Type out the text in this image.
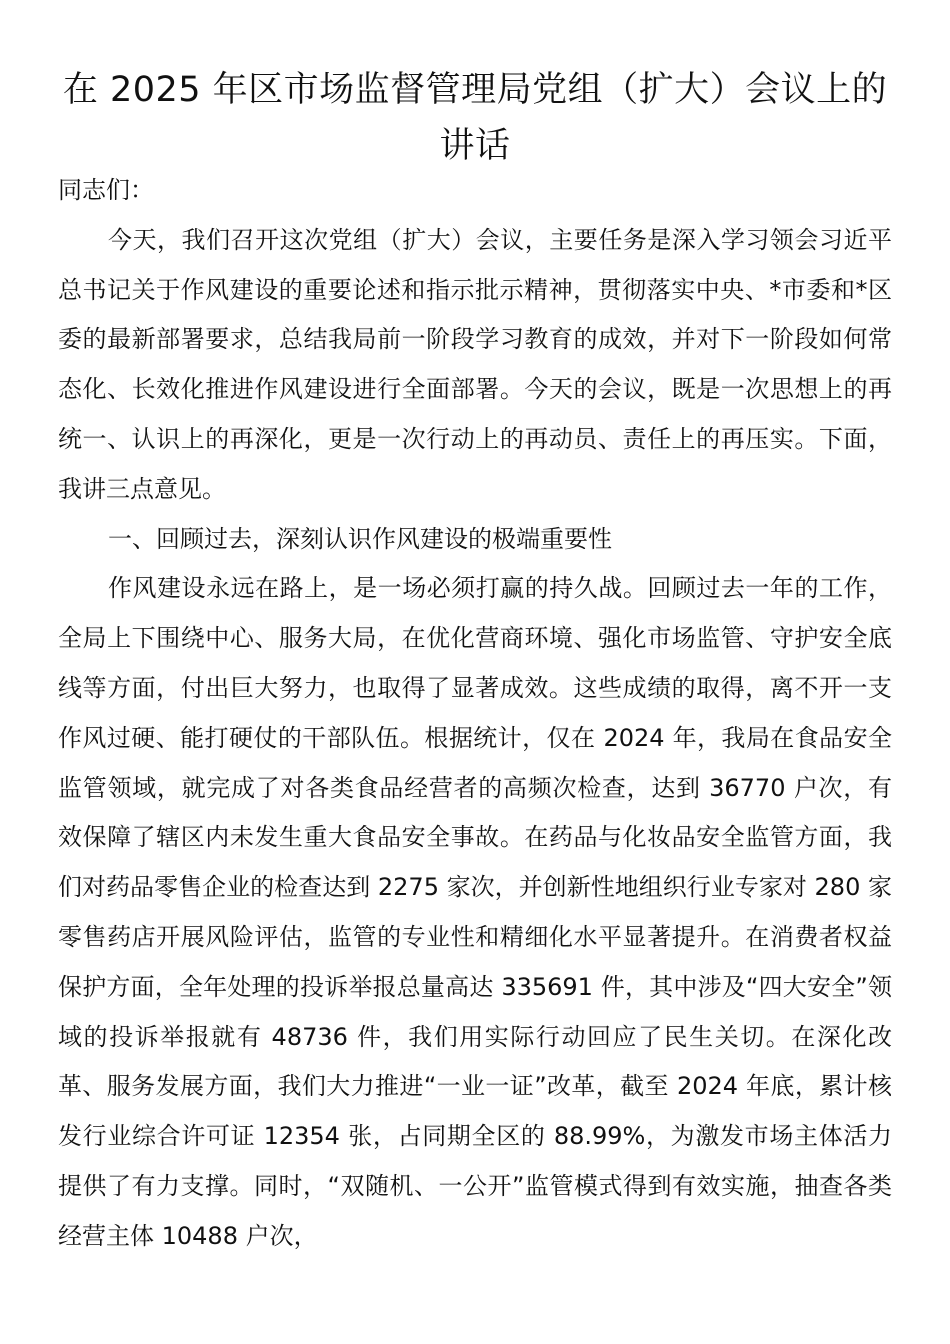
在 2025 年区市场监督管理局党组（扩大）会议上的讲话

同志们：

今天，我们召开这次党组（扩大）会议，主要任务是深入学习领会习近平总书记关于作风建设的重要论述和指示批示精神，贯彻落实中央、*市委和*区委的最新部署要求，总结我局前一阶段学习教育的成效，并对下一阶段如何常态化、长效化推进作风建设进行全面部署。今天的会议，既是一次思想上的再统一、认识上的再深化，更是一次行动上的再动员、责任上的再压实。下面，我讲三点意见。

一、回顾过去，深刻认识作风建设的极端重要性

作风建设永远在路上，是一场必须打赢的持久战。回顾过去一年的工作，全局上下围绕中心、服务大局，在优化营商环境、强化市场监管、守护安全底线等方面，付出巨大努力，也取得了显著成效。这些成绩的取得，离不开一支作风过硬、能打硬仗的干部队伍。根据统计，仅在 2024 年，我局在食品安全监管领域，就完成了对各类食品经营者的高频次检查，达到 36770 户次，有效保障了辖区内未发生重大食品安全事故。在药品与化妆品安全监管方面，我们对药品零售企业的检查达到 2275 家次，并创新性地组织行业专家对 280 家零售药店开展风险评估，监管的专业性和精细化水平显著提升。在消费者权益保护方面，全年处理的投诉举报总量高达 335691 件，其中涉及“四大安全”领域的投诉举报就有 48736 件，我们用实际行动回应了民生关切。在深化改革、服务发展方面，我们大力推进“一业一证”改革，截至 2024 年底，累计核发行业综合许可证 12354 张，占同期全区的 88.99%，为激发市场主体活力提供了有力支撑。同时，“双随机、一公开”监管模式得到有效实施，抽查各类经营主体 10488 户次，
